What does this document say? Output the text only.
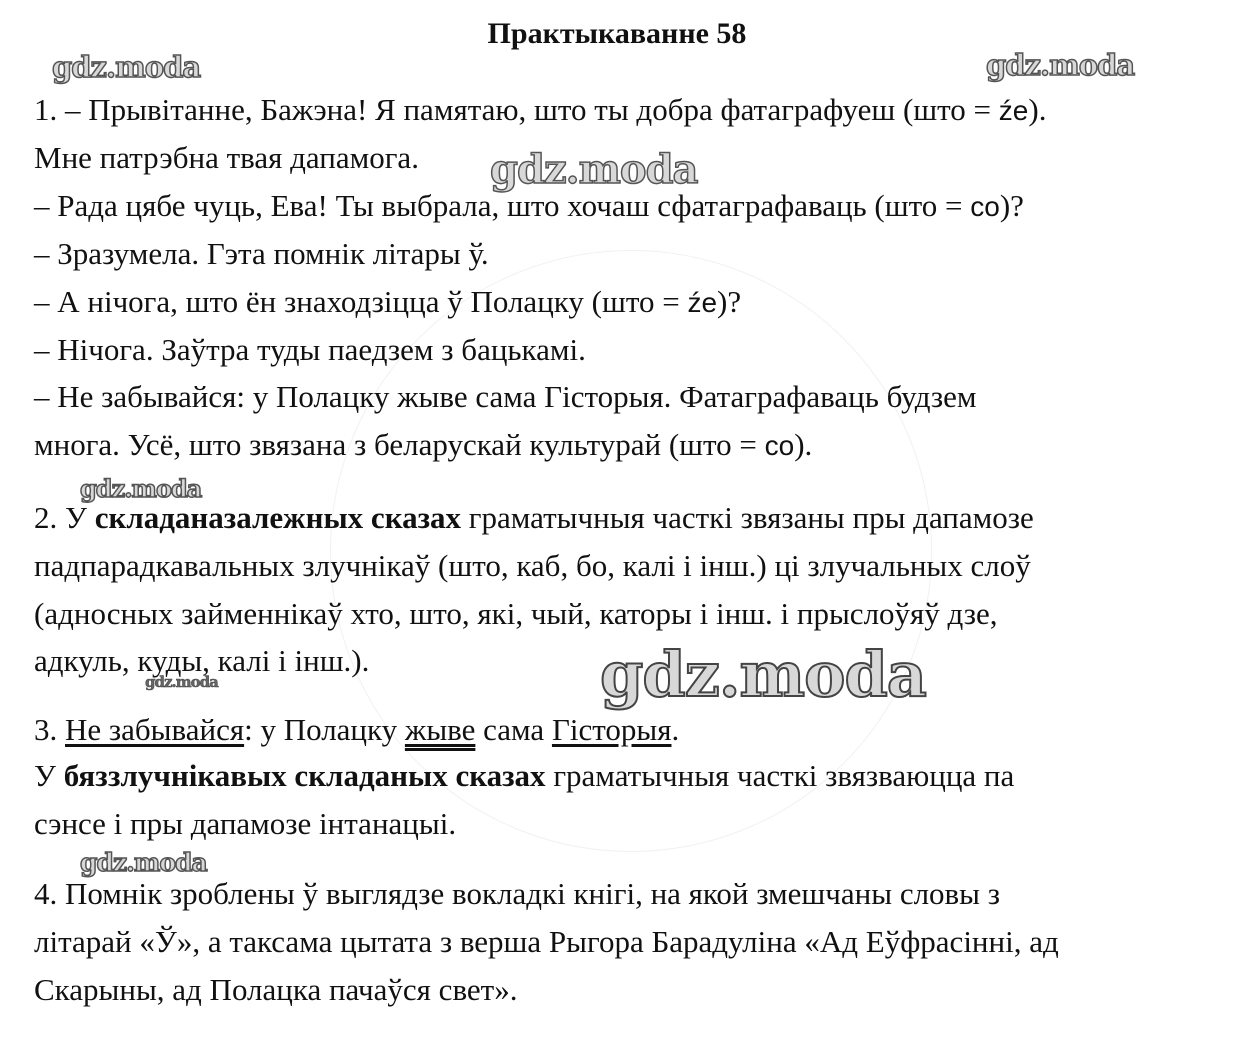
Практыкаванне 58
gdz.moda	gdz.moda
gdz.moda
gdz.moda
gdz.moda
gdz.moda
gdz.moda
1. – Прывітанне, Бажэна! Я памятаю, што ты добра фатаграфуеш (што = źe).
Мне патрэбна твая дапамога.
– Рада цябе чуць, Ева! Ты выбрала, што хочаш сфатаграфаваць (што = co)?
– Зразумела. Гэта помнік літары ў.
– А нічога, што ён знаходзіцца ў Полацку (што = źe)?
– Нічога. Заўтра туды паедзем з бацькамі.
– Не забывайся: у Полацку жыве сама Гісторыя. Фатаграфаваць будзем
многа. Усё, што звязана з беларускай культурай (што = co).
2. У складаназалежных сказах граматычныя часткі звязаны пры дапамозе
падпарадкавальных злучнікаў (што, каб, бо, калі і інш.) ці злучальных слоў
(адносных займеннікаў хто, што, які, чый, каторы і інш. і прыслоўяў дзе,
адкуль, куды, калі і інш.).
3. Не забывайся: у Полацку жыве сама Гісторыя.
У бяззлучнікавых складаных сказах граматычныя часткі звязваюцца па
сэнсе і пры дапамозе інтанацыі.
4. Помнік зроблены ў выглядзе вокладкі кнігі, на якой змешчаны словы з
літарай «Ў», а таксама цытата з верша Рыгора Барадуліна «Ад Еўфрасінні, ад
Скарыны, ад Полацка пачаўся свет».
